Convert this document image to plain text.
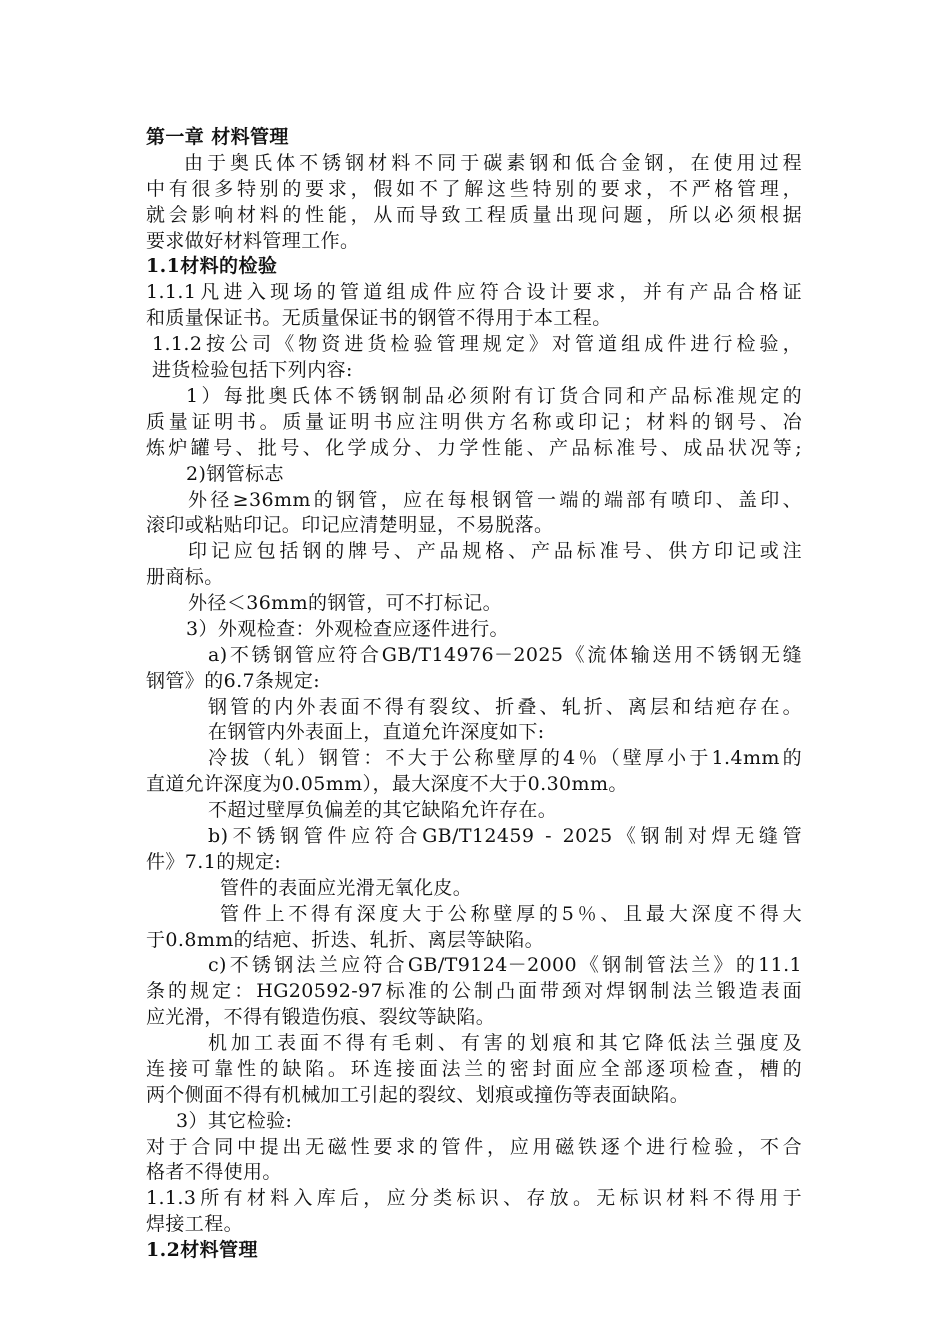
第一章 材料管理
由于奥氏体不锈钢材料不同于碳素钢和低合金钢，在使用过程
中有很多特别的要求，假如不了解这些特别的要求，不严格管理，
就会影响材料的性能，从而导致工程质量出现问题，所以必须根据
要求做好材料管理工作。
1.1材料的检验
1.1.1凡进入现场的管道组成件应符合设计要求，并有产品合格证
和质量保证书。无质量保证书的钢管不得用于本工程。
1.1.2按公司《物资进货检验管理规定》对管道组成件进行检验，
进货检验包括下列内容:
1）每批奥氏体不锈钢制品必须附有订货合同和产品标准规定的
质量证明书。质量证明书应注明供方名称或印记；材料的钢号、冶
炼炉罐号、批号、化学成分、力学性能、产品标准号、成品状况等;
2)钢管标志
外径≥36mm的钢管，应在每根钢管一端的端部有喷印、盖印、
滚印或粘贴印记。印记应清楚明显，不易脱落。
印记应包括钢的牌号、产品规格、产品标准号、供方印记或注
册商标。
外径＜36mm的钢管，可不打标记。
3）外观检查：外观检查应逐件进行。
a)不锈钢管应符合GB/T14976－2025《流体输送用不锈钢无缝
钢管》的6.7条规定:
钢管的内外表面不得有裂纹、折叠、轧折、离层和结疤存在。
在钢管内外表面上，直道允许深度如下:
冷拔（轧）钢管：不大于公称壁厚的4％（壁厚小于1.4mm的
直道允许深度为0.05mm），最大深度不大于0.30mm。
不超过壁厚负偏差的其它缺陷允许存在。
b)不锈钢管件应符合GB/T12459 - 2025《钢制对焊无缝管
件》7.1的规定:
管件的表面应光滑无氧化皮。
管件上不得有深度大于公称壁厚的5％、且最大深度不得大
于0.8mm的结疤、折迭、轧折、离层等缺陷。
c)不锈钢法兰应符合GB/T9124－2000《钢制管法兰》的11.1
条的规定：HG20592-97标准的公制凸面带颈对焊钢制法兰锻造表面
应光滑，不得有锻造伤痕、裂纹等缺陷。
机加工表面不得有毛刺、有害的划痕和其它降低法兰强度及
连接可靠性的缺陷。环连接面法兰的密封面应全部逐项检查，槽的
两个侧面不得有机械加工引起的裂纹、划痕或撞伤等表面缺陷。
3）其它检验:
对于合同中提出无磁性要求的管件，应用磁铁逐个进行检验，不合
格者不得使用。
1.1.3所有材料入库后，应分类标识、存放。无标识材料不得用于
焊接工程。
1.2材料管理
